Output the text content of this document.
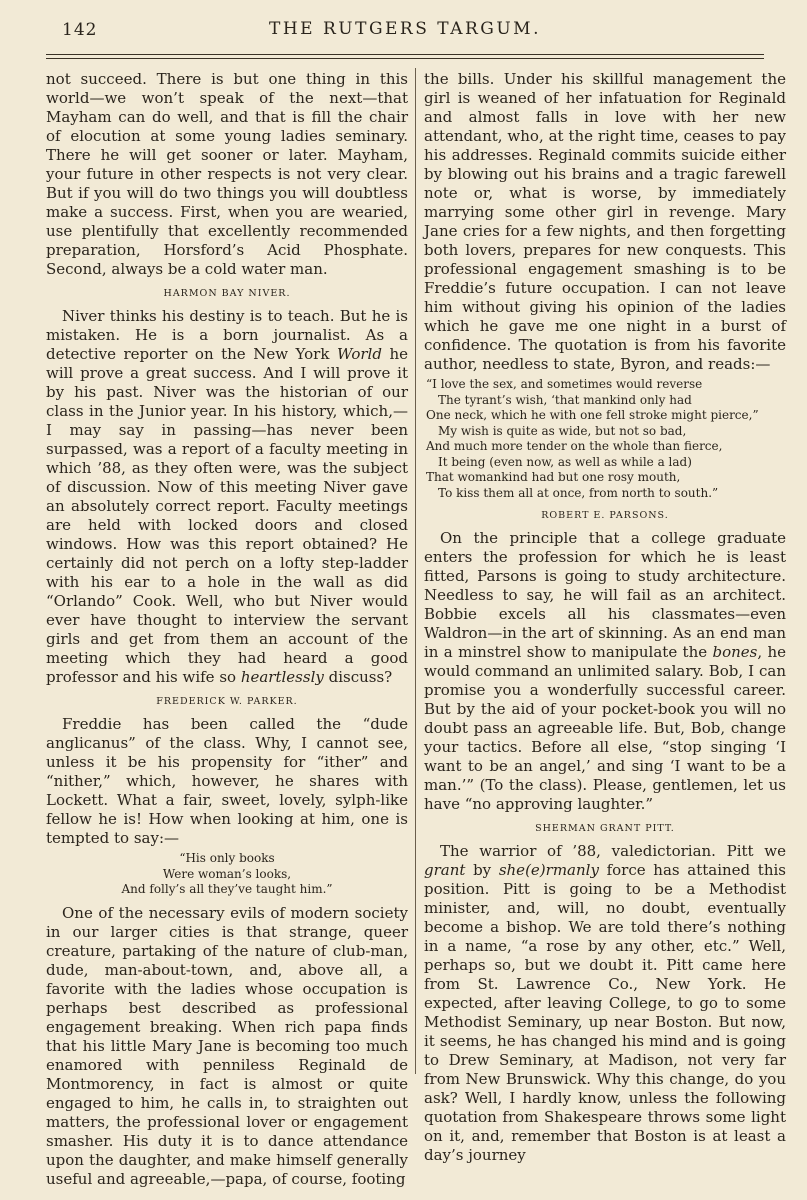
142	THE RUTGERS TARGUM.

not succeed. There is but one thing in this world—we won’t speak of the next—that Mayham can do well, and that is fill the chair of elocution at some young ladies seminary. There he will get sooner or later. Mayham, your future in other respects is not very clear. But if you will do two things you will doubtless make a success. First, when you are wearied, use plentifully that excellently recommended preparation, Horsford’s Acid Phosphate. Second, always be a cold water man.

HARMON BAY NIVER.

Niver thinks his destiny is to teach. But he is mistaken. He is a born journalist. As a detective reporter on the New York World he will prove a great success. And I will prove it by his past. Niver was the historian of our class in the Junior year. In his history, which,—I may say in passing—has never been surpassed, was a report of a faculty meeting in which ’88, as they often were, was the subject of discussion. Now of this meeting Niver gave an absolutely correct report. Faculty meetings are held with locked doors and closed windows. How was this report obtained? He certainly did not perch on a lofty step-ladder with his ear to a hole in the wall as did “Orlando” Cook. Well, who but Niver would ever have thought to interview the servant girls and get from them an account of the meeting which they had heard a good professor and his wife so heartlessly discuss?

FREDERICK W. PARKER.

Freddie has been called the “dude anglicanus” of the class. Why, I cannot see, unless it be his propensity for “ither” and “nither,” which, however, he shares with Lockett. What a fair, sweet, lovely, sylph-like fellow he is! How when looking at him, one is tempted to say:—

“His only books
Were woman’s looks,
And folly’s all they’ve taught him.”

One of the necessary evils of modern society in our larger cities is that strange, queer creature, partaking of the nature of club-man, dude, man-about-town, and, above all, a favorite with the ladies whose occupation is perhaps best described as professional engagement breaking. When rich papa finds that his little Mary Jane is becoming too much enamored with penniless Reginald de Montmorency, in fact is almost or quite engaged to him, he calls in, to straighten out matters, the professional lover or engagement smasher. His duty it is to dance attendance upon the daughter, and make himself generally useful and agreeable,—papa, of course, footing

the bills. Under his skillful management the girl is weaned of her infatuation for Reginald and almost falls in love with her new attendant, who, at the right time, ceases to pay his addresses. Reginald commits suicide either by blowing out his brains and a tragic farewell note or, what is worse, by immediately marrying some other girl in revenge. Mary Jane cries for a few nights, and then forgetting both lovers, prepares for new conquests. This professional engagement smashing is to be Freddie’s future occupation. I can not leave him without giving his opinion of the ladies which he gave me one night in a burst of confidence. The quotation is from his favorite author, needless to state, Byron, and reads:—

“I love the sex, and sometimes would reverse
The tyrant’s wish, ‘that mankind only had
One neck, which he with one fell stroke might pierce,”
My wish is quite as wide, but not so bad,
And much more tender on the whole than fierce,
It being (even now, as well as while a lad)
That womankind had but one rosy mouth,
To kiss them all at once, from north to south.”
ROBERT E. PARSONS.

On the principle that a college graduate enters the profession for which he is least fitted, Parsons is going to study architecture. Needless to say, he will fail as an architect. Bobbie excels all his classmates—even Waldron—in the art of skinning. As an end man in a minstrel show to manipulate the bones, he would command an unlimited salary. Bob, I can promise you a wonderfully successful career. But by the aid of your pocket-book you will no doubt pass an agreeable life. But, Bob, change your tactics. Before all else, “stop singing ‘I want to be an angel,’ and sing ‘I want to be a man.’” (To the class). Please, gentlemen, let us have “no approving laughter.”

SHERMAN GRANT PITT.

The warrior of ’88, valedictorian. Pitt we grant by she(e)rmanly force has attained this position. Pitt is going to be a Methodist minister, and, will, no doubt, eventually become a bishop. We are told there’s nothing in a name, “a rose by any other, etc.” Well, perhaps so, but we doubt it. Pitt came here from St. Lawrence Co., New York. He expected, after leaving College, to go to some Methodist Seminary, up near Boston. But now, it seems, he has changed his mind and is going to Drew Seminary, at Madison, not very far from New Brunswick. Why this change, do you ask? Well, I hardly know, unless the following quotation from Shakespeare throws some light on it, and, remember that Boston is at least a day’s journey
